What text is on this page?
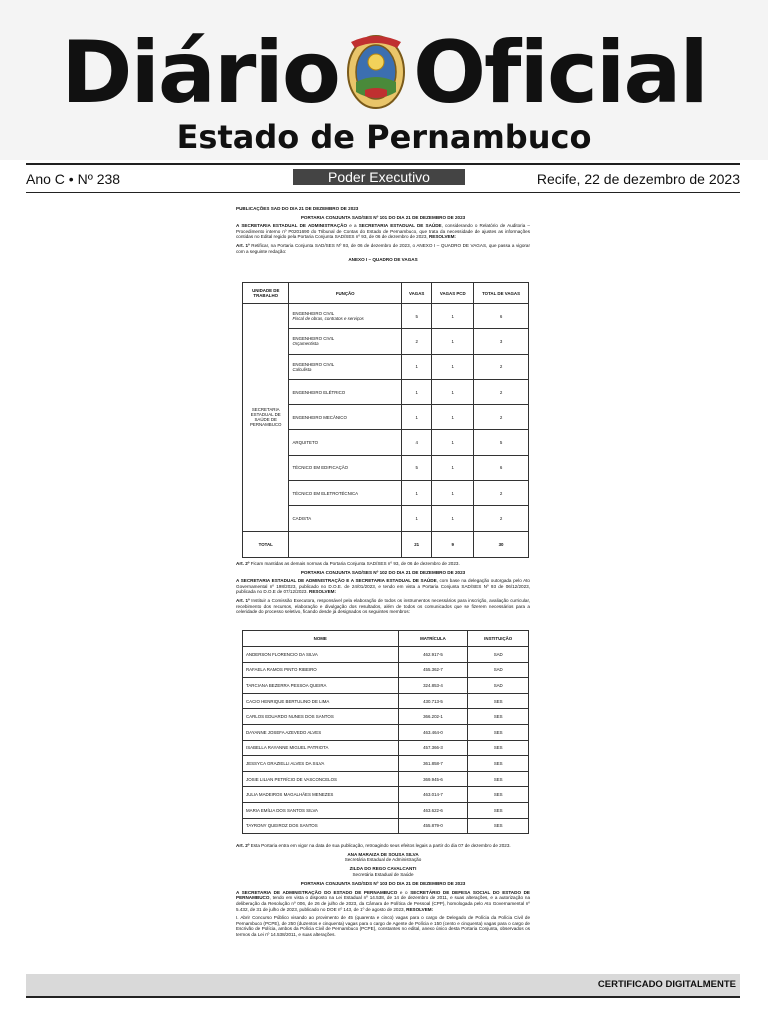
Diário Oficial
Estado de Pernambuco
Ano C • Nº 238	Poder Executivo	Recife, 22 de dezembro de 2023

PUBLICAÇÕES SAD DO DIA 21 DE DEZEMBRO DE 2023

PORTARIA CONJUNTA SAD/SES Nº 101 DO DIA 21 DE DEZEMBRO DE 2023

A SECRETARIA ESTADUAL DE ADMINISTRAÇÃO e a SECRETARIA ESTADUAL DE SAÚDE, considerando o Relatório de Auditoria – Procedimento interno nº P0201690 do Tribunal de Contas do Estado de Pernambuco, que trata da necessidade de ajustes as informações contidas no Edital regido pela Portaria Conjunta SAD/SES nº 93, de 06 de dezembro de 2023, RESOLVEM:

Art. 1º Retificar, na Portaria Conjunta SAD/SES Nº 93, de 06 de dezembro de 2023, o ANEXO I – QUADRO DE VAGAS, que passa a vigorar com a seguinte redação:

ANEXO I – QUADRO DE VAGAS

UNIDADE DE TRABALHO	FUNÇÃO	VAGAS	VAGAS PCD	TOTAL DE VAGAS
SECRETARIA ESTADUAL DE SAÚDE DE PERNAMBUCO	ENGENHEIRO CIVIL
Fiscal de obras, contratos e serviços	5	1	6
	ENGENHEIRO CIVIL
Orçamentista	2	1	3
	ENGENHEIRO CIVIL
Calculista	1	1	2
	ENGENHEIRO ELÉTRICO	1	1	2
	ENGENHEIRO MECÂNICO	1	1	2
	ARQUITETO	4	1	5
	TÉCNICO EM EDIFICAÇÃO	5	1	6
	TÉCNICO EM ELETROTÉCNICA	1	1	2
	CADISTA	1	1	2
TOTAL		21	9	30

Art. 2º Ficam mantidas as demais normas da Portaria Conjunta SAD/SES nº 93, de 06 de dezembro de 2023.

PORTARIA CONJUNTA SAD/SES Nº 102 DO DIA 21 DE DEZEMBRO DE 2023

A SECRETARIA ESTADUAL DE ADMINISTRAÇÃO E A SECRETARIA ESTADUAL DE SAÚDE, com base na delegação outorgada pelo Ato Governamental nº 198/2023, publicado no D.O.E. de 24/01/2023, e tendo em vista a Portaria Conjunta SAD/SES Nº 93 de 06/12/2023, publicada no D.O.E de 07/12/2023. RESOLVEM:

Art. 1º Instituir a Comissão Executora, responsável pela elaboração de todos os instrumentos necessários para inscrição, avaliação curricular, recebimento dos recursos, elaboração e divulgação dos resultados, além de todos os comunicados que se fizerem necessários para a celeridade do processo seletivo, ficando desde já designados os seguintes membros:

NOME	MATRÍCULA	INSTITUIÇÃO
ANDERSON FLORENCIO DA SILVA	462.917-5	SAD
RAFAELA RAMOS PINTO RIBEIRO	455.362-7	SAD
TARCIANA BEZERRA PESSOA QUEIRA	324.853-4	SAD
CACIO HENRIQUE BERTULINO DE LIMA	430.713-5	SES
CARLOS EDUARDO NUNES DOS SANTOS	366.202-1	SES
DAYANNE JOSEFA AZEVEDO ALVES	463.464-0	SES
ISABELLA RAYANNE MIGUEL PATRIOTA	457.366-3	SES
JESSYCA GRAZIELLI ALVES DA SILVA	361.858-7	SES
JOSIE LILIAN PETRÍCIO DE VASCONCELOS	369.945-6	SES
JULIA MADEIROS MAGALHÃES MENEZES	463.014-7	SES
MARIA EMÍLIA DOS SANTOS SILVA	463.622-6	SES
TAYRONY QUEIROZ DOS SANTOS	455.879-0	SES

Art. 2º Esta Portaria entra em vigor na data de sua publicação, retroagindo seus efeitos legais a partir do dia 07 de dezembro de 2023.

ANA MARAIZA DE SOUSA SILVA
Secretária Estadual de Administração
ZILDA DO REGO CAVALCANTI
Secretária Estadual de Saúde

PORTARIA CONJUNTA SAD/SDS Nº 103 DO DIA 21 DE DEZEMBRO DE 2023

A SECRETARIA DE ADMINISTRAÇÃO DO ESTADO DE PERNAMBUCO e o SECRETÁRIO DE DEFESA SOCIAL DO ESTADO DE PERNAMBUCO, tendo em vista o disposto na Lei Estadual nº 14.538, de 14 de dezembro de 2011, e suas alterações, e a autorização na deliberação da Resolução nº 006, de 26 de julho de 2023, da Câmara de Política de Pessoal (CPP), homologada pelo Ato Governamental nº 5.432, de 31 de julho de 2023, publicado no DOE nº 143, de 1º de agosto de 2023, RESOLVEM:

I. Abrir Concurso Público visando ao provimento de 45 (quarenta e cinco) vagas para o cargo de Delegado de Polícia da Polícia Civil de Pernambuco (PCPE), de 250 (duzentos e cinquenta) vagas para o cargo de Agente de Polícia e 150 (cento e cinquenta) vagas para o cargo de Escrivão de Polícia, ambos da Polícia Civil de Pernambuco (PCPE), constantes no edital, anexo único desta Portaria Conjunta, observados os termos da Lei nº 14.538/2011, e suas alterações.

CERTIFICADO DIGITALMENTE
